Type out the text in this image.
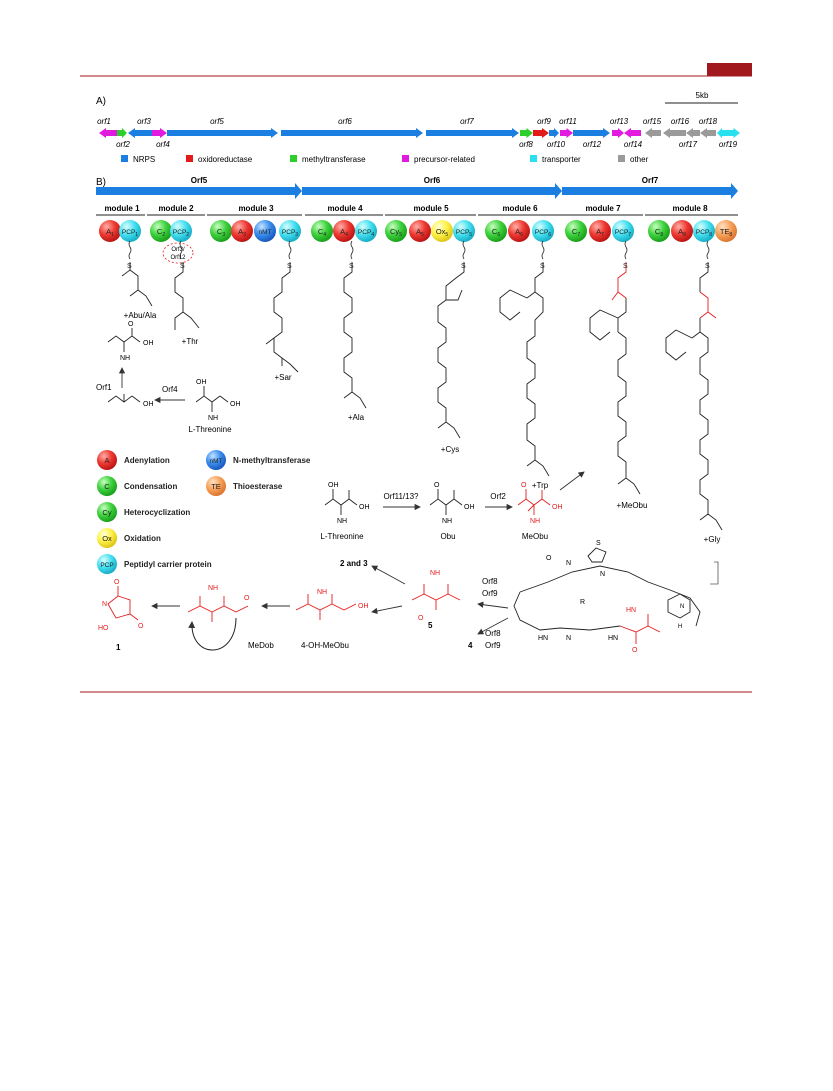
A)
5kb
orf1	orf3	orf5	orf6	orf7	orf9 orf11	orf13 orf15 orf16 orf18
orf2	orf4	orf8 orf10 orf12	orf14	orf17	orf19
NRPS	oxidoreductase	methyltransferase	precursor-related	transporter	other
B)	Orf5	Orf6	Orf7
module 1 module 2	module 3	module 4	module 5	module 6	module 7	module 8
$A_1$ $PCP_1$	$C_2$ $PCP_2$	$C_3$ $A_3$ nMT $PCP_3$	$C_4$ $A_4$ $PCP_4$ $Cy_5$ $A_5$ $Ox_5$ $PCP_5$	$C_6$ $A_6$ $PCP_6$	$C_7$ $A_7$ $PCP_7$	$C_8$ $A_8$ $PCP_8$ $TE_8$
Orf3/
Orf12
S	S	S	S	S	S	S	S
+Abu/Ala
+Thr
+Sar
+Ala
+Cys
+Trp
+MeObu
+Gly
OH
O
NH
Orf1
OH
Orf4
OH
NH
OH
L-Threonine
A Adenylation
C Condensation
Cy Heterocyclization
Ox Oxidation
PCP Peptidyl carrier protein
nMT N-methyltransferase
TE Thioesterase	OH
NH
OH
L-Threonine
Orf11/13?
O
NH
OH
Obu
Orf2
O
NH
OH
MeObu
S
N
N
H
HN
O
O
N
R
HN
HN	N
Orf8
Orf9
4
Orf8
Orf9
NH
O
5
2 and 3
NH
OH
4-OH-MeObu
NH
O
MeDob
N
O
HO	O
1
